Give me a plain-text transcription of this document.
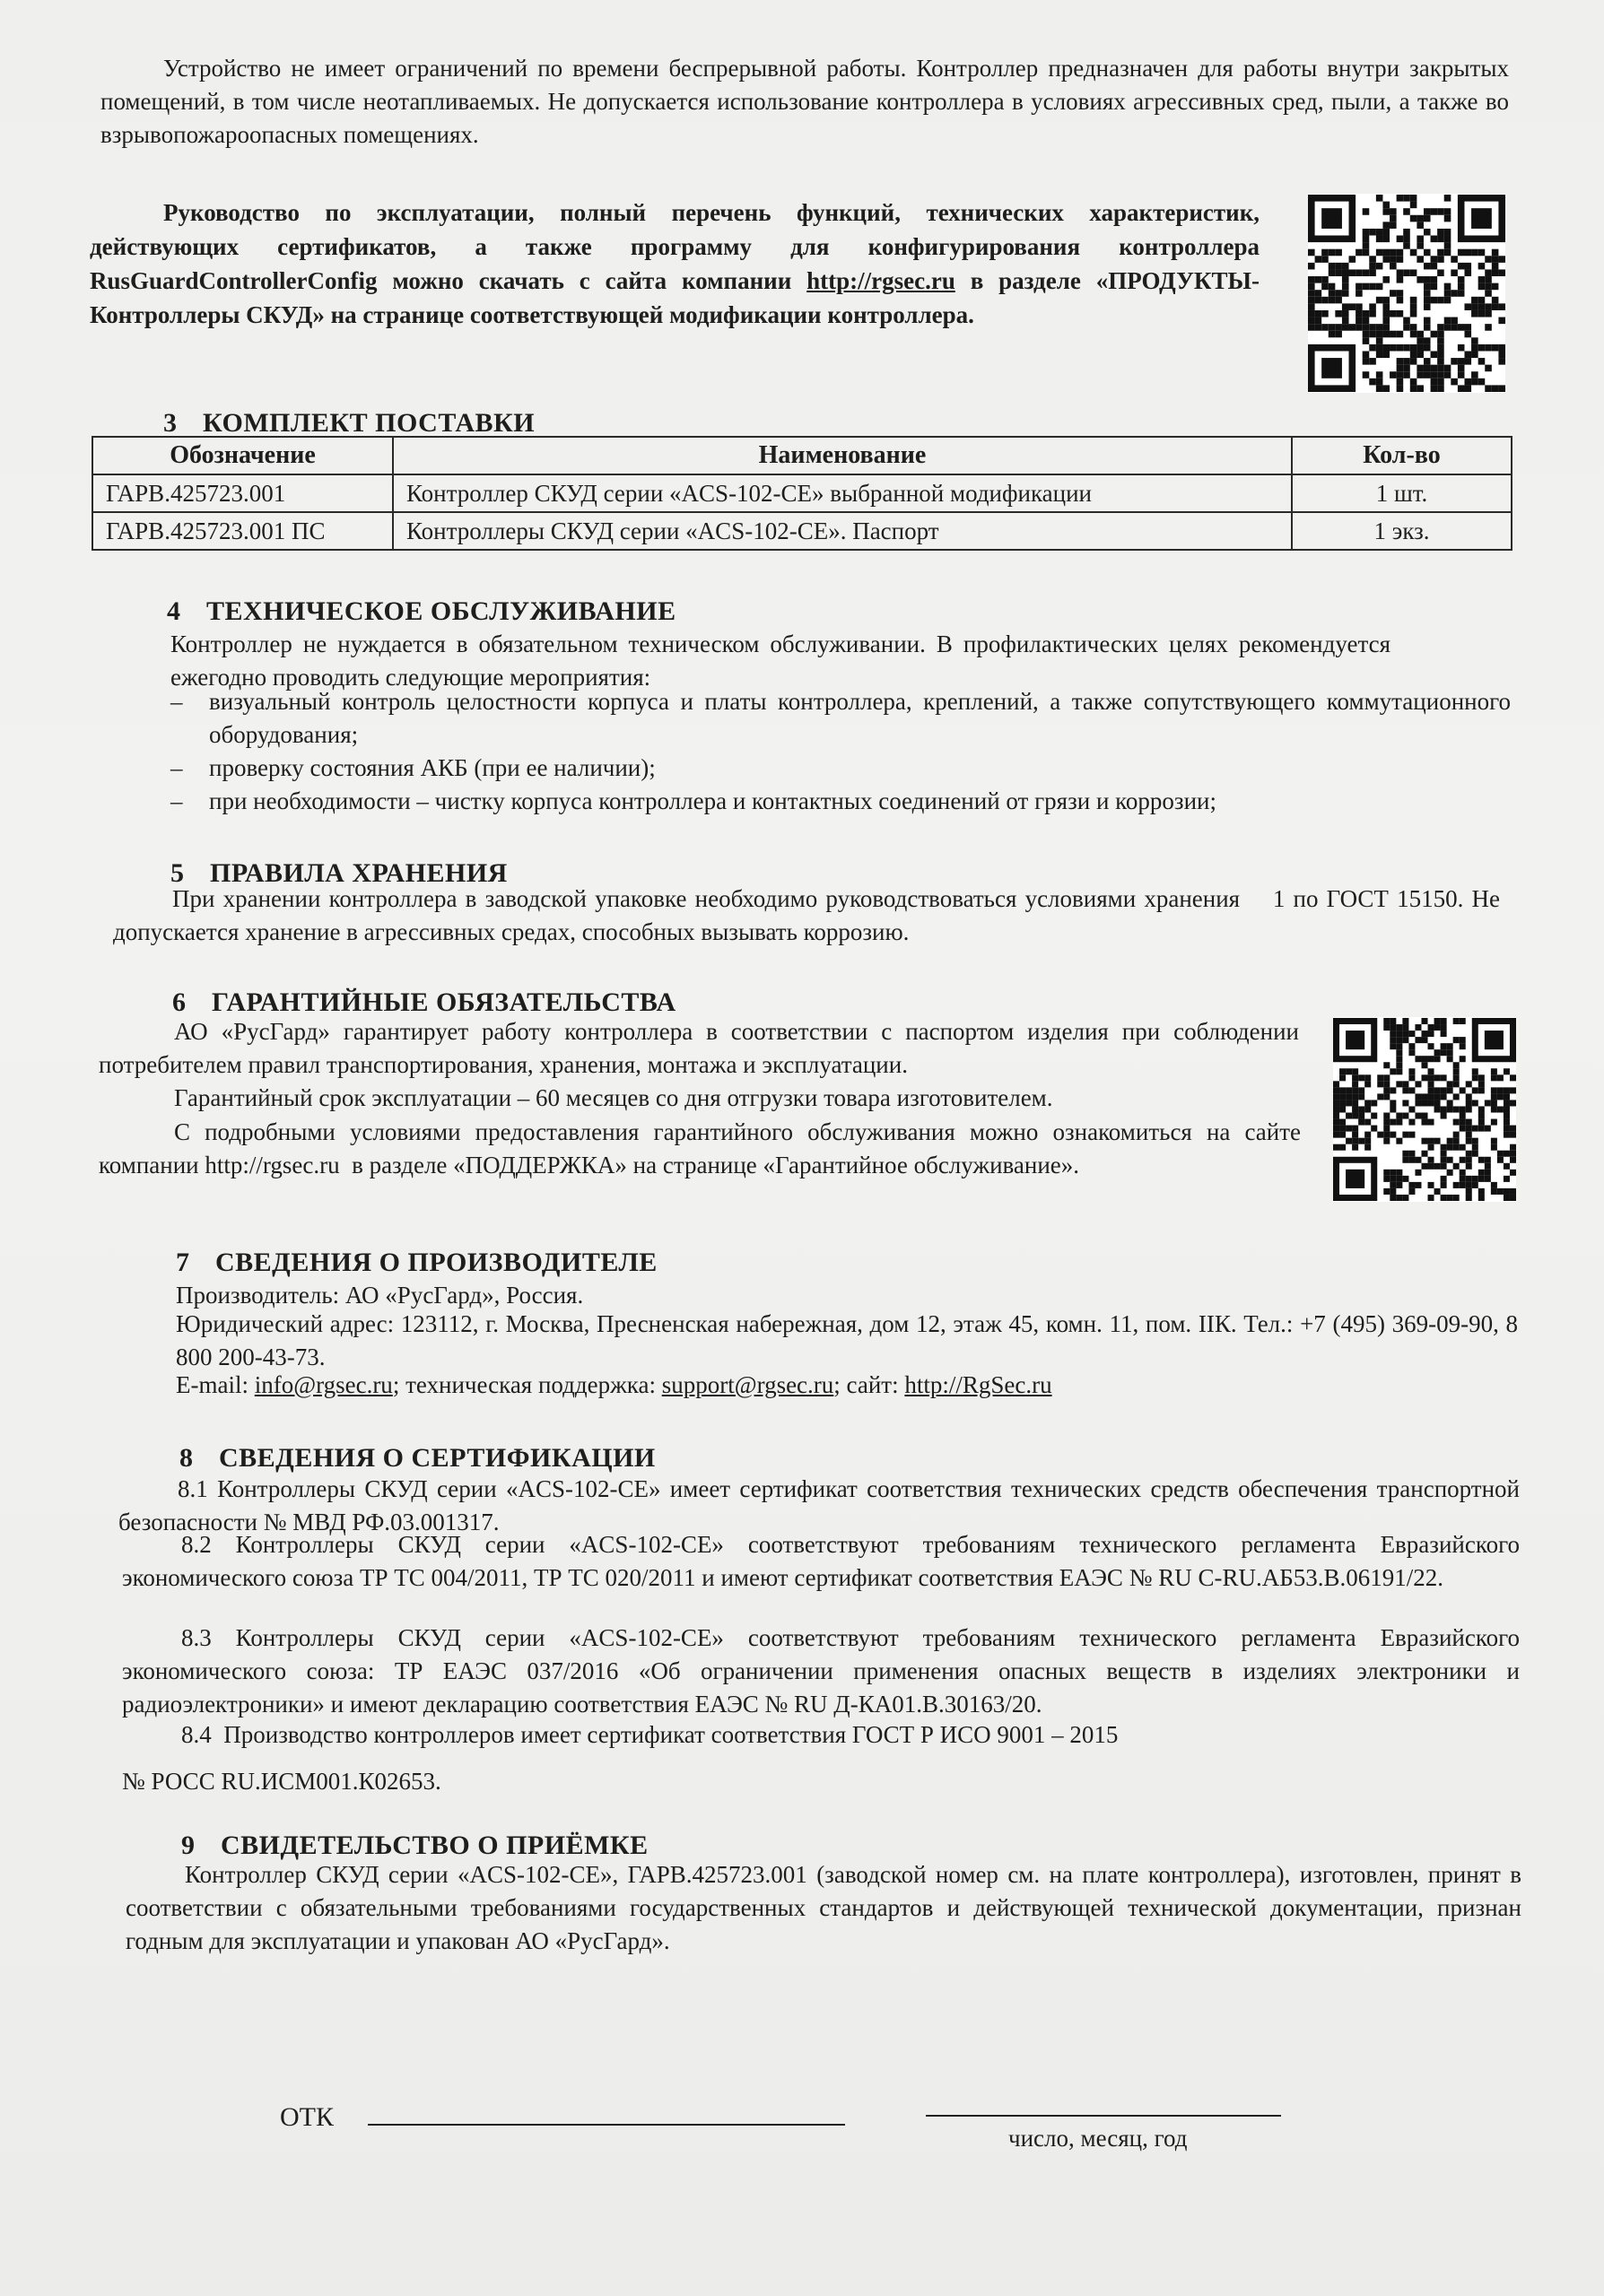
Устройство не имеет ограничений по времени беспрерывной работы. Контроллер предназначен для работы внутри закрытых помещений, в том числе неотапливаемых. Не допускается использование контроллера в условиях агрессивных сред, пыли, а также во взрывопожароопасных помещениях.

Руководство по эксплуатации, полный перечень функций, технических характеристик, действующих сертификатов, а также программу для конфигурирования контроллера RusGuardControllerConfig можно скачать с сайта компании http://rgsec.ru в разделе «ПРОДУКТЫ-Контроллеры СКУД» на странице соответствующей модификации контроллера.

3 КОМПЛЕКТ ПОСТАВКИ
Обозначение	Наименование	Кол-во
ГАРВ.425723.001	Контроллер СКУД серии «ACS-102-CE» выбранной модификации	1 шт.
ГАРВ.425723.001 ПС	Контроллеры СКУД серии «ACS-102-CE». Паспорт	1 экз.
4 ТЕХНИЧЕСКОЕ ОБСЛУЖИВАНИЕ

Контроллер не нуждается в обязательном техническом обслуживании. В профилактических целях рекомендуется ежегодно проводить следующие мероприятия:

– визуальный контроль целостности корпуса и платы контроллера, креплений, а также сопутствующего коммутационного оборудования;
– проверку состояния АКБ (при ее наличии);
– при необходимости – чистку корпуса контроллера и контактных соединений от грязи и коррозии;
5 ПРАВИЛА ХРАНЕНИЯ

При хранении контроллера в заводской упаковке необходимо руководствоваться условиями хранения    1 по ГОСТ 15150. Не допускается хранение в агрессивных средах, способных вызывать коррозию.

6 ГАРАНТИЙНЫЕ ОБЯЗАТЕЛЬСТВА

АО «РусГард» гарантирует работу контроллера в соответствии с паспортом изделия при соблюдении потребителем правил транспортирования, хранения, монтажа и эксплуатации.

Гарантийный срок эксплуатации – 60 месяцев со дня отгрузки товара изготовителем.

С подробными условиями предоставления гарантийного обслуживания можно ознакомиться на сайте компании http://rgsec.ru  в разделе «ПОДДЕРЖКА» на странице «Гарантийное обслуживание».

7 СВЕДЕНИЯ О ПРОИЗВОДИТЕЛЕ

Производитель: АО «РусГард», Россия.

Юридический адрес: 123112, г. Москва, Пресненская набережная, дом 12, этаж 45, комн. 11, пом. IIК. Тел.: +7 (495) 369-09-90, 8 800 200-43-73.

E-mail: info@rgsec.ru; техническая поддержка: support@rgsec.ru; сайт: http://RgSec.ru

8 СВЕДЕНИЯ О СЕРТИФИКАЦИИ

8.1 Контроллеры СКУД серии «ACS-102-CE» имеет сертификат соответствия технических средств обеспечения транспортной безопасности № МВД РФ.03.001317.

8.2 Контроллеры СКУД серии «ACS-102-CE» соответствуют требованиям технического регламента Евразийского экономического союза ТР ТС 004/2011, ТР ТС 020/2011 и имеют сертификат соответствия ЕАЭС № RU С-RU.АБ53.В.06191/22.

8.3 Контроллеры СКУД серии «ACS-102-CE» соответствуют требованиям технического регламента Евразийского экономического союза: ТР ЕАЭС 037/2016 «Об ограничении применения опасных веществ в изделиях электроники и радиоэлектроники» и имеют декларацию соответствия ЕАЭС № RU Д-КА01.В.30163/20.

8.4  Производство контроллеров имеет сертификат соответствия ГОСТ Р ИСО 9001 – 2015

№ РОСС RU.ИСМ001.К02653.

9 СВИДЕТЕЛЬСТВО О ПРИЁМКЕ

Контроллер СКУД серии «ACS-102-CE», ГАРВ.425723.001 (заводской номер см. на плате контроллера), изготовлен, принят в соответствии с обязательными требованиями государственных стандартов и действующей технической документации, признан годным для эксплуатации и упакован АО «РусГард».

ОТК
число, месяц, год
